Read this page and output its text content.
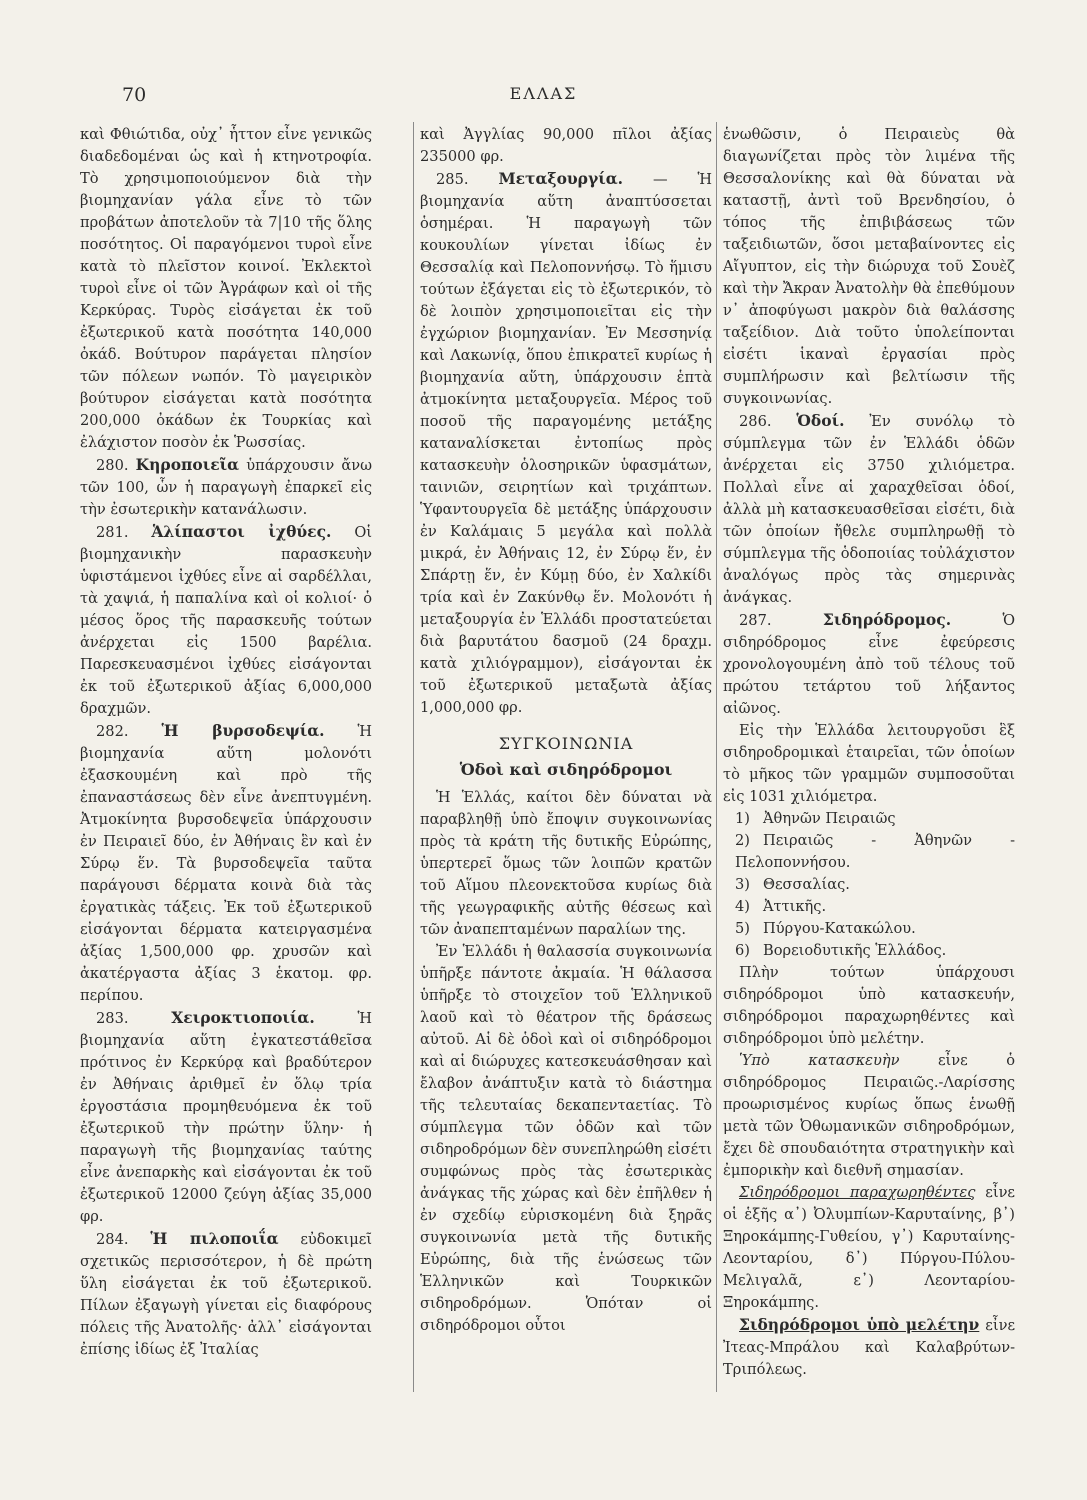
70	ΕΛΛΑΣ

καὶ Φθιώτιδα, οὐχ᾽ ἧττον εἶνε γενικῶς διαδεδομέναι ὡς καὶ ἡ κτηνοτροφία. Τὸ χρησιμοποιούμενον διὰ τὴν βιομηχανίαν γάλα εἶνε τὸ τῶν προβάτων ἀποτελοῦν τὰ 7|10 τῆς ὅλης ποσότητος. Οἱ παραγόμενοι τυροὶ εἶνε κατὰ τὸ πλεῖστον κοινοί. Ἐκλεκτοὶ τυροὶ εἶνε οἱ τῶν Ἀγράφων καὶ οἱ τῆς Κερκύρας. Τυρὸς εἰσάγεται ἐκ τοῦ ἐξωτερικοῦ κατὰ ποσότητα 140,000 ὀκάδ. Βούτυρον παράγεται πλησίον τῶν πόλεων νωπόν. Τὸ μαγειρικὸν βούτυρον εἰσάγεται κατὰ ποσότητα 200,000 ὀκάδων ἐκ Τουρκίας καὶ ἐλάχιστον ποσὸν ἐκ Ῥωσσίας.

280. Κηροποιεῖα ὑπάρχουσιν ἄνω τῶν 100, ὧν ἡ παραγωγὴ ἐπαρκεῖ εἰς τὴν ἐσωτερικὴν κατανάλωσιν.

281. Ἁλίπαστοι ἰχθύες. Οἱ βιομηχανικὴν παρασκευὴν ὑφιστάμενοι ἰχθύες εἶνε αἱ σαρδέλλαι, τὰ χαψιά, ἡ παπαλίνα καὶ οἱ κολιοί· ὁ μέσος ὅρος τῆς παρασκευῆς τούτων ἀνέρχεται εἰς 1500 βαρέλια. Παρεσκευασμένοι ἰχθύες εἰσάγονται ἐκ τοῦ ἐξωτερικοῦ ἀξίας 6,000,000 δραχμῶν.

282. Ἡ βυρσοδεψία. Ἡ βιομηχανία αὕτη μολονότι ἐξασκουμένη καὶ πρὸ τῆς ἐπαναστάσεως δὲν εἶνε ἀνεπτυγμένη. Ἀτμοκίνητα βυρσοδεψεῖα ὑπάρχουσιν ἐν Πειραιεῖ δύο, ἐν Ἀθήναις ἓν καὶ ἐν Σύρῳ ἕν. Τὰ βυρσοδεψεῖα ταῦτα παράγουσι δέρματα κοινὰ διὰ τὰς ἐργατικὰς τάξεις. Ἐκ τοῦ ἐξωτερικοῦ εἰσάγονται δέρματα κατειργασμένα ἀξίας 1,500,000 φρ. χρυσῶν καὶ ἀκατέργαστα ἀξίας 3 ἑκατομ. φρ. περίπου.

283.	Χειροκτιοποιία.	Ἡ βιομηχανία αὕτη ἐγκατεστάθεῖσα πρότινος ἐν Κερκύρᾳ καὶ βραδύτερον ἐν Ἀθήναις ἀριθμεῖ ἐν ὅλῳ τρία ἐργοστάσια προμηθευόμενα ἐκ τοῦ ἐξωτερικοῦ τὴν πρώτην ὕλην· ἡ παραγωγὴ τῆς βιομηχανίας ταύτης εἶνε ἀνεπαρκὴς καὶ εἰσάγονται ἐκ τοῦ ἐξωτερικοῦ 12000 ζεύγη ἀξίας 35,000 φρ.

284. Ἡ πιλοποιΐα εὐδοκιμεῖ σχετικῶς περισσότερον, ἡ δὲ πρώτη ὕλη εἰσάγεται ἐκ τοῦ ἐξωτερικοῦ. Πίλων ἐξαγωγὴ γίνεται εἰς διαφόρους πόλεις τῆς Ἀνατολῆς· ἀλλ᾽ εἰσάγονται ἐπίσης ἰδίως ἐξ Ἰταλίας

καὶ Ἀγγλίας 90,000 πῖλοι ἀξίας 235000 φρ.

285. Μεταξουργία. — Ἡ βιομηχανία αὕτη ἀναπτύσσεται ὁσημέραι. Ἡ παραγωγὴ τῶν κουκουλίων γίνεται ἰδίως ἐν Θεσσαλίᾳ καὶ Πελοποννήσῳ. Τὸ ἥμισυ τούτων ἐξάγεται εἰς τὸ ἐξωτερικόν, τὸ δὲ λοιπὸν χρησιμοποιεῖται εἰς τὴν ἐγχώριον βιομηχανίαν. Ἐν Μεσσηνίᾳ καὶ Λακωνίᾳ, ὅπου ἐπικρατεῖ κυρίως ἡ βιομηχανία αὕτη, ὑπάρχουσιν ἑπτὰ ἀτμοκίνητα μεταξουργεῖα. Μέρος τοῦ ποσοῦ τῆς παραγομένης μετάξης καταναλίσκεται ἐντοπίως πρὸς κατασκευὴν ὁλοσηρικῶν ὑφασμάτων, ταινιῶν, σειρητίων καὶ τριχάπτων. Ὑφαντουργεῖα δὲ μετάξης ὑπάρχουσιν ἐν Καλάμαις 5 μεγάλα καὶ πολλὰ μικρά, ἐν Ἀθήναις 12, ἐν Σύρῳ ἕν, ἐν Σπάρτῃ ἕν, ἐν Κύμῃ δύο, ἐν Χαλκίδι τρία καὶ ἐν Ζακύνθῳ ἕν. Μολονότι ἡ μεταξουργία ἐν Ἑλλάδι προστατεύεται διὰ βαρυτάτου δασμοῦ (24 δραχμ. κατὰ χιλιόγραμμον), εἰσάγονται ἐκ τοῦ ἐξωτερικοῦ μεταξωτὰ ἀξίας 1,000,000 φρ.

ΣΥΓΚΟΙΝΩΝΙΑ
Ὁδοὶ καὶ σιδηρόδρομοι

Ἡ Ἑλλάς, καίτοι δὲν δύναται νὰ παραβληθῇ ὑπὸ ἔποψιν συγκοινωνίας πρὸς τὰ κράτη τῆς δυτικῆς Εὐρώπης, ὑπερτερεῖ ὅμως τῶν λοιπῶν κρατῶν τοῦ Αἵμου πλεονεκτοῦσα κυρίως διὰ τῆς γεωγραφικῆς αὐτῆς θέσεως καὶ τῶν ἀναπεπταμένων παραλίων της.

Ἐν Ἑλλάδι ἡ θαλασσία συγκοινωνία ὑπῆρξε πάντοτε ἀκμαία. Ἡ θάλασσα ὑπῆρξε τὸ στοιχεῖον τοῦ Ἑλληνικοῦ λαοῦ καὶ τὸ θέατρον τῆς δράσεως αὐτοῦ. Αἱ δὲ ὁδοὶ καὶ οἱ σιδηρόδρομοι καὶ αἱ διώρυχες κατεσκευάσθησαν καὶ ἔλαβον ἀνάπτυξιν κατὰ τὸ διάστημα τῆς τελευταίας δεκαπενταετίας. Τὸ σύμπλεγμα τῶν ὁδῶν καὶ τῶν σιδηροδρόμων δὲν συνεπληρώθη εἰσέτι συμφώνως πρὸς τὰς ἐσωτερικὰς ἀνάγκας τῆς χώρας καὶ δὲν ἐπῆλθεν ἡ ἐν σχεδίῳ εὑρισκομένη διὰ ξηρᾶς συγκοινωνία μετὰ τῆς δυτικῆς Εὐρώπης, διὰ τῆς ἑνώσεως τῶν Ἑλληνικῶν καὶ Τουρκικῶν σιδηροδρόμων. Ὁπόταν οἱ σιδηρόδρομοι οὗτοι

ἑνωθῶσιν, ὁ Πειραιεὺς θὰ διαγωνίζεται πρὸς τὸν λιμένα τῆς Θεσσαλονίκης καὶ θὰ δύναται νὰ καταστῇ, ἀντὶ τοῦ Βρενδησίου, ὁ τόπος τῆς ἐπιβιβάσεως τῶν ταξειδιωτῶν, ὅσοι μεταβαίνοντες εἰς Αἴγυπτον, εἰς τὴν διώρυχα τοῦ Σουὲζ καὶ τὴν Ἄκραν Ἀνατολὴν θὰ ἐπεθύμουν ν᾽ ἀποφύγωσι μακρὸν διὰ θαλάσσης ταξείδιον. Διὰ τοῦτο ὑπολείπονται εἰσέτι ἱκαναὶ ἐργασίαι πρὸς συμπλήρωσιν καὶ βελτίωσιν τῆς συγκοινωνίας.

286. Ὁδοί. Ἐν συνόλῳ τὸ σύμπλεγμα τῶν ἐν Ἑλλάδι ὁδῶν ἀνέρχεται εἰς 3750 χιλιόμετρα. Πολλαὶ εἶνε αἱ χαραχθεῖσαι ὁδοί, ἀλλὰ μὴ κατασκευασθεῖσαι εἰσέτι, διὰ τῶν ὁποίων ἤθελε συμπληρωθῇ τὸ σύμπλεγμα τῆς ὁδοποιίας τοὐλάχιστον ἀναλόγως πρὸς τὰς σημερινὰς ἀνάγκας.

287.	Σιδηρόδρομος.	Ὁ σιδηρόδρομος εἶνε ἐφεύρεσις χρονολογουμένη ἀπὸ τοῦ τέλους τοῦ πρώτου τετάρτου τοῦ λήξαντος αἰῶνος.

Εἰς τὴν Ἑλλάδα λειτουργοῦσι ἓξ σιδηροδρομικαὶ ἑταιρεῖαι, τῶν ὁποίων τὸ μῆκος τῶν γραμμῶν συμποσοῦται εἰς 1031 χιλιόμετρα.

1) Ἀθηνῶν Πειραιῶς
2) Πειραιῶς - Ἀθηνῶν - Πελοποννήσου.
3) Θεσσαλίας.
4) Ἀττικῆς.
5) Πύργου-Κατακώλου.
6) Βορειοδυτικῆς Ἑλλάδος.

Πλὴν τούτων ὑπάρχουσι σιδηρόδρομοι ὑπὸ κατασκευήν, σιδηρόδρομοι παραχωρηθέντες καὶ σιδηρόδρομοι ὑπὸ μελέτην.

Ὑπὸ κατασκευὴν	εἶνε ὁ σιδηρόδρομος Πειραιῶς.-Λαρίσσης προωρισμένος κυρίως ὅπως ἑνωθῇ μετὰ τῶν Ὀθωμανικῶν σιδηροδρόμων, ἔχει δὲ σπουδαιότητα στρατηγικὴν καὶ ἐμπορικὴν καὶ διεθνῆ σημασίαν.

Σιδηρόδρομοι παραχωρηθέντες εἶνε οἱ ἑξῆς α᾽) Ὀλυμπίων-Καρυταίνης, β᾽) Ξηροκάμπης-Γυθείου, γ᾽) Καρυταίνης-Λεονταρίου, δ᾽) Πύργου-Πύλου-Μελιγαλᾶ, ε᾽) Λεονταρίου-Ξηροκάμπης.

Σιδηρόδρομοι ὑπὸ μελέτην εἶνε Ἰτεας-Μπράλου καὶ Καλαβρύτων-Τριπόλεως.
